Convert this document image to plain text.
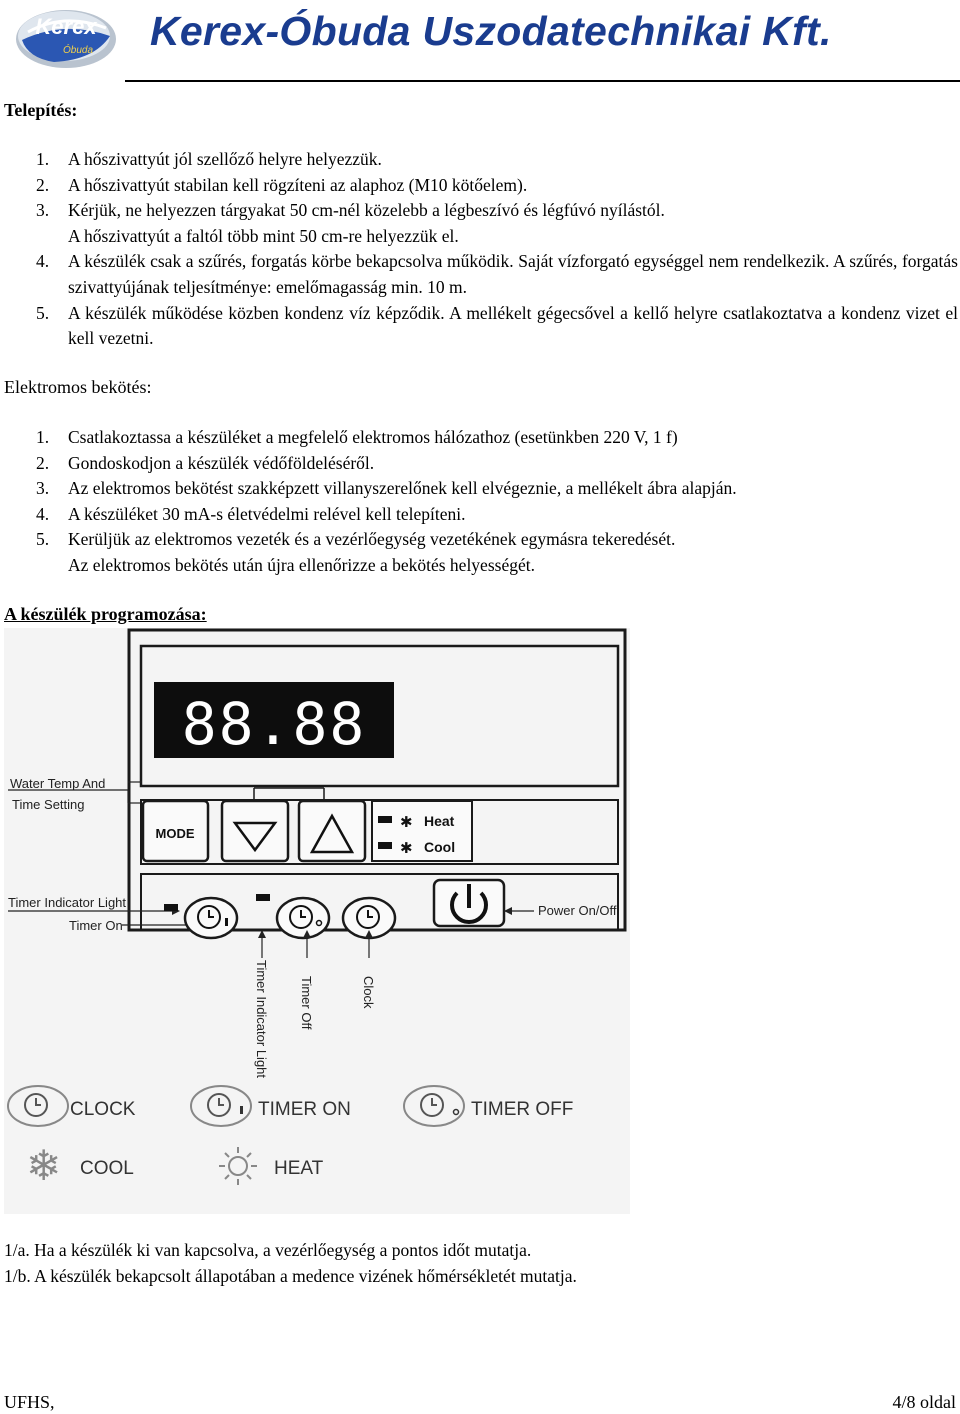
Kerex
Óbuda Kerex-Óbuda Uszodatechnikai Kft.
Telepítés:
1. A hőszivattyút jól szellőző helyre helyezzük.
2. A hőszivattyút stabilan kell rögzíteni az alaphoz (M10 kötőelem).
3. Kérjük, ne helyezzen tárgyakat 50 cm-nél közelebb a légbeszívó és légfúvó nyílástól.
A hőszivattyút a faltól több mint 50 cm-re helyezzük el.
4. A készülék csak a szűrés, forgatás körbe bekapcsolva működik. Saját vízforgató egységgel nem rendelkezik. A szűrés, forgatás szivattyújának teljesítménye: emelőmagasság min. 10 m.
5. A készülék működése közben kondenz víz képződik. A mellékelt gégecsővel a kellő helyre csatlakoztatva a kondenz vizet el kell vezetni.
Elektromos bekötés:
1. Csatlakoztassa a készüléket a megfelelő elektromos hálózathoz (esetünkben 220 V, 1 f)
2. Gondoskodjon a készülék védőföldeléséről.
3. Az elektromos bekötést szakképzett villanyszerelőnek kell elvégeznie, a mellékelt ábra alapján.
4. A készüléket 30 mA-s életvédelmi relével kell telepíteni.
5. Kerüljük az elektromos vezeték és a vezérlőegység vezetékének egymásra tekeredését.
Az elektromos bekötés után újra ellenőrizze a bekötés helyességét.
A készülék programozása:
88.88
Water Temp And
Time Setting
MODE
✱ Heat
✱ Cool
Timer Indicator Light
Timer On
Power On/Off
Timer Indicator Light Timer Off	Clock
CLOCK	TIMER ON	TIMER OFF
❄ COOL	HEAT
1/a. Ha a készülék ki van kapcsolva, a vezérlőegység a pontos időt mutatja.
1/b. A készülék bekapcsolt állapotában a medence vizének hőmérsékletét mutatja.
UFHS,	4/8 oldal
